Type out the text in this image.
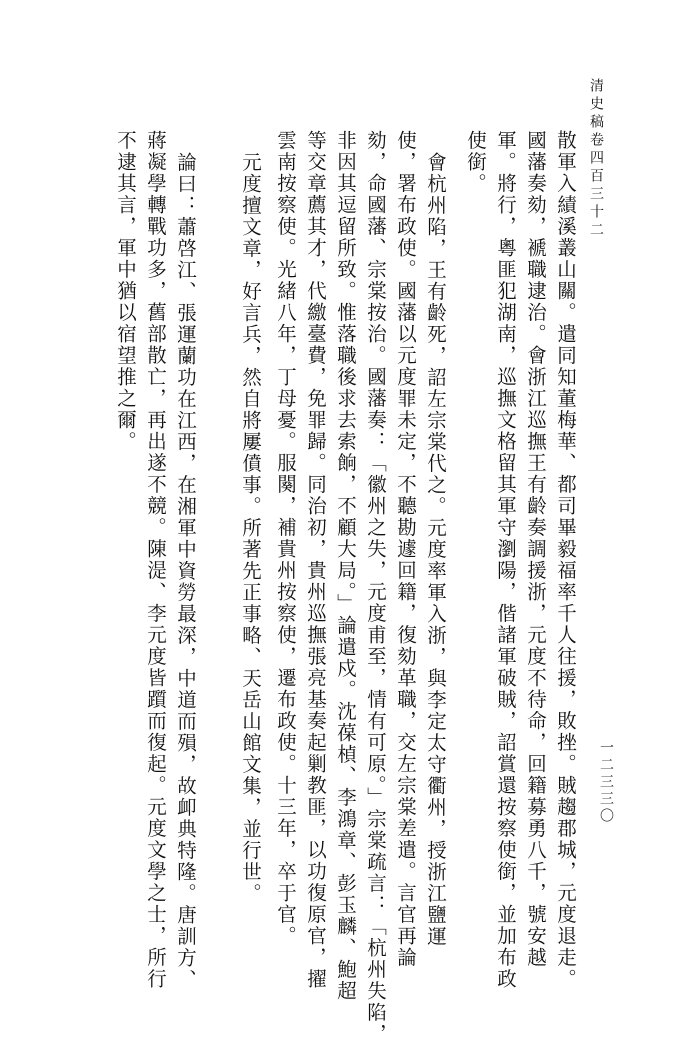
清史稿卷四百三十二
一二三三〇

散軍入績溪叢山關。遣同知董梅華、都司畢毅福率千人往援，敗挫。賊趨郡城，元度退走。

國藩奏劾，褫職逮治。會浙江巡撫王有齡奏調援浙，元度不待命，回籍募勇八千，號安越

軍。將行，粵匪犯湖南，巡撫文格留其軍守瀏陽，偕諸軍破賊，詔賞還按察使銜，並加布政

使銜。

會杭州陷，王有齡死，詔左宗棠代之。元度率軍入浙，與李定太守衢州，授浙江鹽運

使，署布政使。國藩以元度罪未定，不聽勘遽回籍，復劾革職，交左宗棠差遣。言官再論

劾，命國藩、宗棠按治。國藩奏：「徽州之失，元度甫至，情有可原。」宗棠疏言：「杭州失陷，

非因其逗留所致。惟落職後求去索餉，不顧大局。」論遣戍。沈葆楨、李鴻章、彭玉麟、鮑超

等交章薦其才，代繳臺費，免罪歸。同治初，貴州巡撫張亮基奏起剿教匪，以功復原官，擢

雲南按察使。光緒八年，丁母憂。服闋，補貴州按察使，遷布政使。十三年，卒于官。

元度擅文章，好言兵，然自將屢僨事。所著先正事略、天岳山館文集，並行世。

論曰：蕭啓江、張運蘭功在江西，在湘軍中資勞最深，中道而殞，故卹典特隆。唐訓方、

蔣凝學轉戰功多，舊部散亡，再出遂不競。陳湜、李元度皆躓而復起。元度文學之士，所行

不逮其言，軍中猶以宿望推之爾。
